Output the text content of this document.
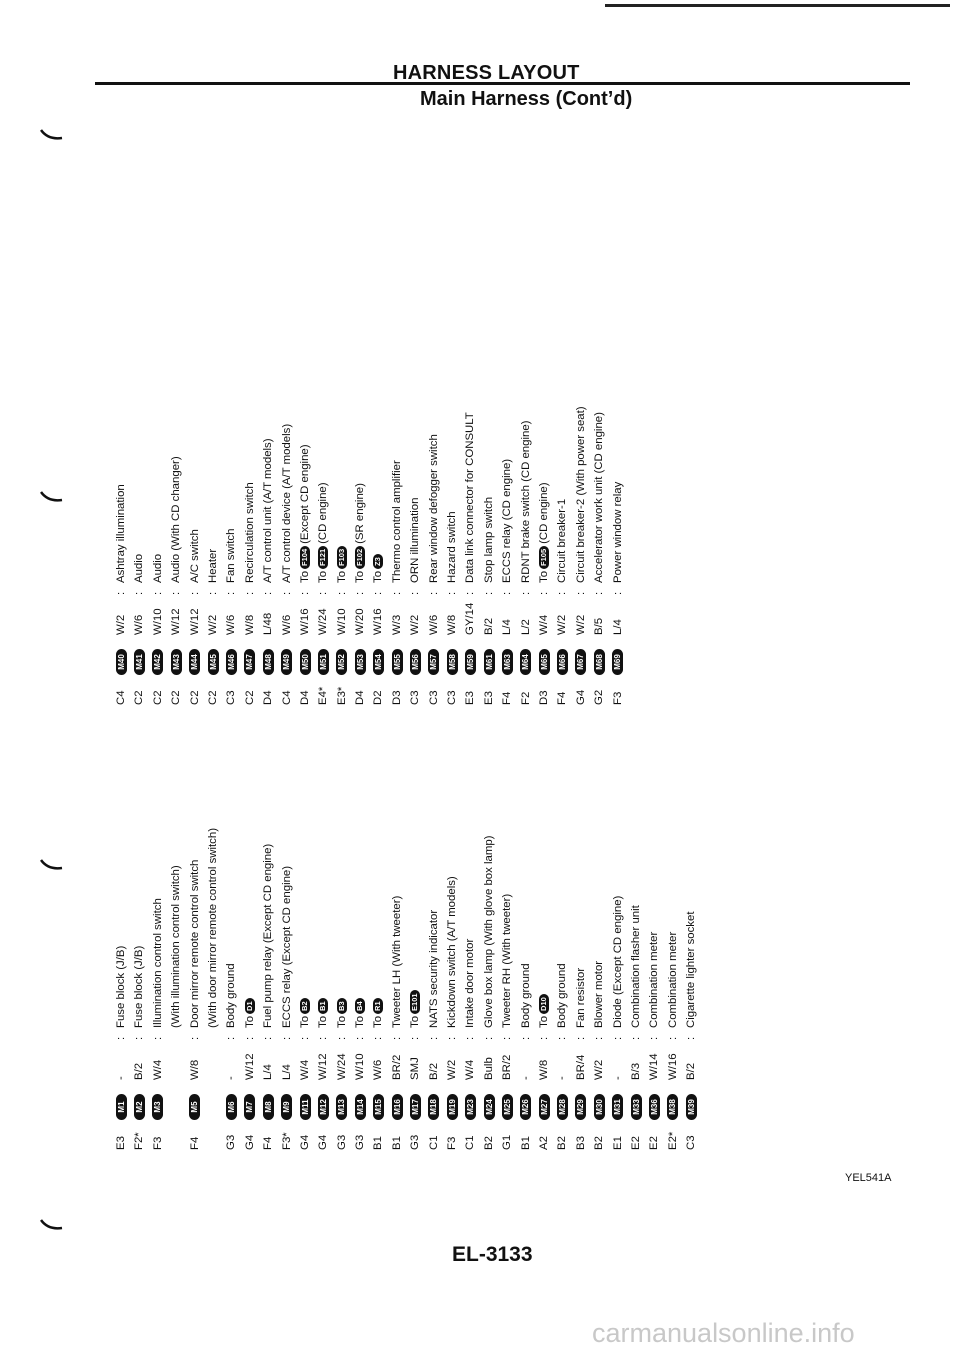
HARNESS LAYOUT
Main Harness (Cont’d)
E3
M1
-
:
Fuse block (J/B)
F2*
M2
B/2
:
Fuse block (J/B)
F3
M3
W/4
:
Illumination control switch (With illumination control switch)
F4
M5
W/8
:
Door mirror remote control switch (With door mirror remote control switch)
G3
M6
-
:
Body ground
G4
M7
W/12
:
ToD1
F4
M8
L/4
:
Fuel pump relay (Except CD engine)
F3*
M9
L/4
:
ECCS relay (Except CD engine)
G4
M11
W/4
:
ToB2
G4
M12
W/12
:
ToB1
G3
M13
W/24
:
ToB3
G3
M14
W/10
:
ToB4
B1
M15
W/6
:
ToR1
B1
M16
BR/2
:
Tweeter LH (With tweeter)
G3
M17
SMJ
:
ToE101
C1
M18
B/2
:
NATS security indicator
F3
M19
W/2
:
Kickdown switch (A/T models)
C1
M23
W/4
:
Intake door motor
B2
M24
Bulb
:
Glove box lamp (With glove box lamp)
G1
M25
BR/2
:
Tweeter RH (With tweeter)
B1
M26
-
:
Body ground
A2
M27
W/8
:
ToD10
B2
M28
-
:
Body ground
B3
M29
BR/4
:
Fan resistor
B2
M30
W/2
:
Blower motor
E1
M31
-
:
Diode (Except CD engine)
E2
M33
B/3
:
Combination flasher unit
E2
M36
W/14
:
Combination meter
E2*
M38
W/16
:
Combination meter
C3
M39
B/2
:
Cigarette lighter socket
C4
M40
W/2
:
Ashtray illumination
C2
M41
W/6
:
Audio
C2
M42
W/10
:
Audio
C2
M43
W/12
:
Audio (With CD changer)
C2
M44
W/12
:
A/C switch
C2
M45
W/2
:
Heater
C3
M46
W/6
:
Fan switch
C2
M47
W/8
:
Recirculation switch
D4
M48
L/48
:
A/T control unit (A/T models)
C4
M49
W/6
:
A/T control device (A/T models)
D4
M50
W/16
:
ToF104(Except CD engine)
E4*
M51
W/24
:
ToF121(CD engine)
E3*
M52
W/10
:
ToF103
D4
M53
W/20
:
ToF102(SR engine)
D2
M54
W/16
:
ToZ3
D3
M55
W/3
:
Thermo control amplifier
C3
M56
W/2
:
ORN illumination
C3
M57
W/6
:
Rear window defogger switch
C3
M58
W/8
:
Hazard switch
E3
M59
GY/14
:
Data link connector for CONSULT
E3
M61
B/2
:
Stop lamp switch
F4
M63
L/4
:
ECCS relay (CD engine)
F2
M64
L/2
:
RDNT brake switch (CD engine)
D3
M65
W/4
:
ToF105(CD engine)
F4
M66
W/2
:
Circuit breaker-1
G4
M67
W/2
:
Circuit breaker-2 (With power seat)
G2
M68
B/5
:
Accelerator work unit (CD engine)
F3
M69
L/4
:
Power window relay
YEL541A
EL-3133
carmanualsonline.info
